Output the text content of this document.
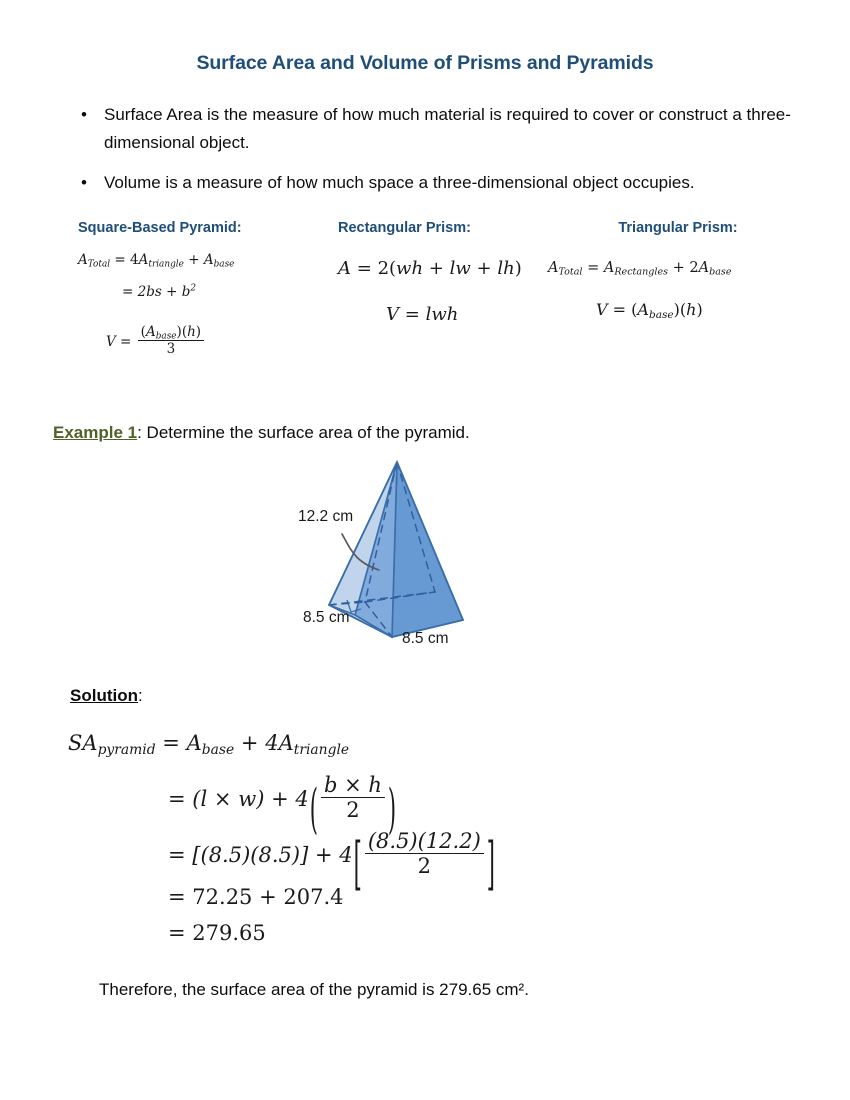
Surface Area and Volume of Prisms and Pyramids
• Surface Area is the measure of how much material is required to cover or construct a three-dimensional object.
• Volume is a measure of how much space a three-dimensional object occupies.
Square-Based Pyramid:
$A_{Total} = 4A_{triangle} + A_{base}$
= $2bs + b^2$
$V = \frac{(A_{base})(h)}{3}$
Rectangular Prism:
A = 2(wh + lw + lh)
V = lwh
Triangular Prism:
$A_{Total} = A_{Rectangles} + 2A_{base}$
$V = (A_{base})(h)$
Example 1: Determine the surface area of the pyramid.
12.2 cm
8.5 cm
8.5 cm
Solution:
$SA_{pyramid} = A_{base} + 4A_{triangle}$
= $(l \times w) + 4( \frac{b \times h}{2}$ )
= $[(8.5)(8.5)] + 4[ \frac{(8.5)(12.2)}{2}$ ]
= 72.25 + 207.4
= 279.65
Therefore, the surface area of the pyramid is 279.65 cm².
